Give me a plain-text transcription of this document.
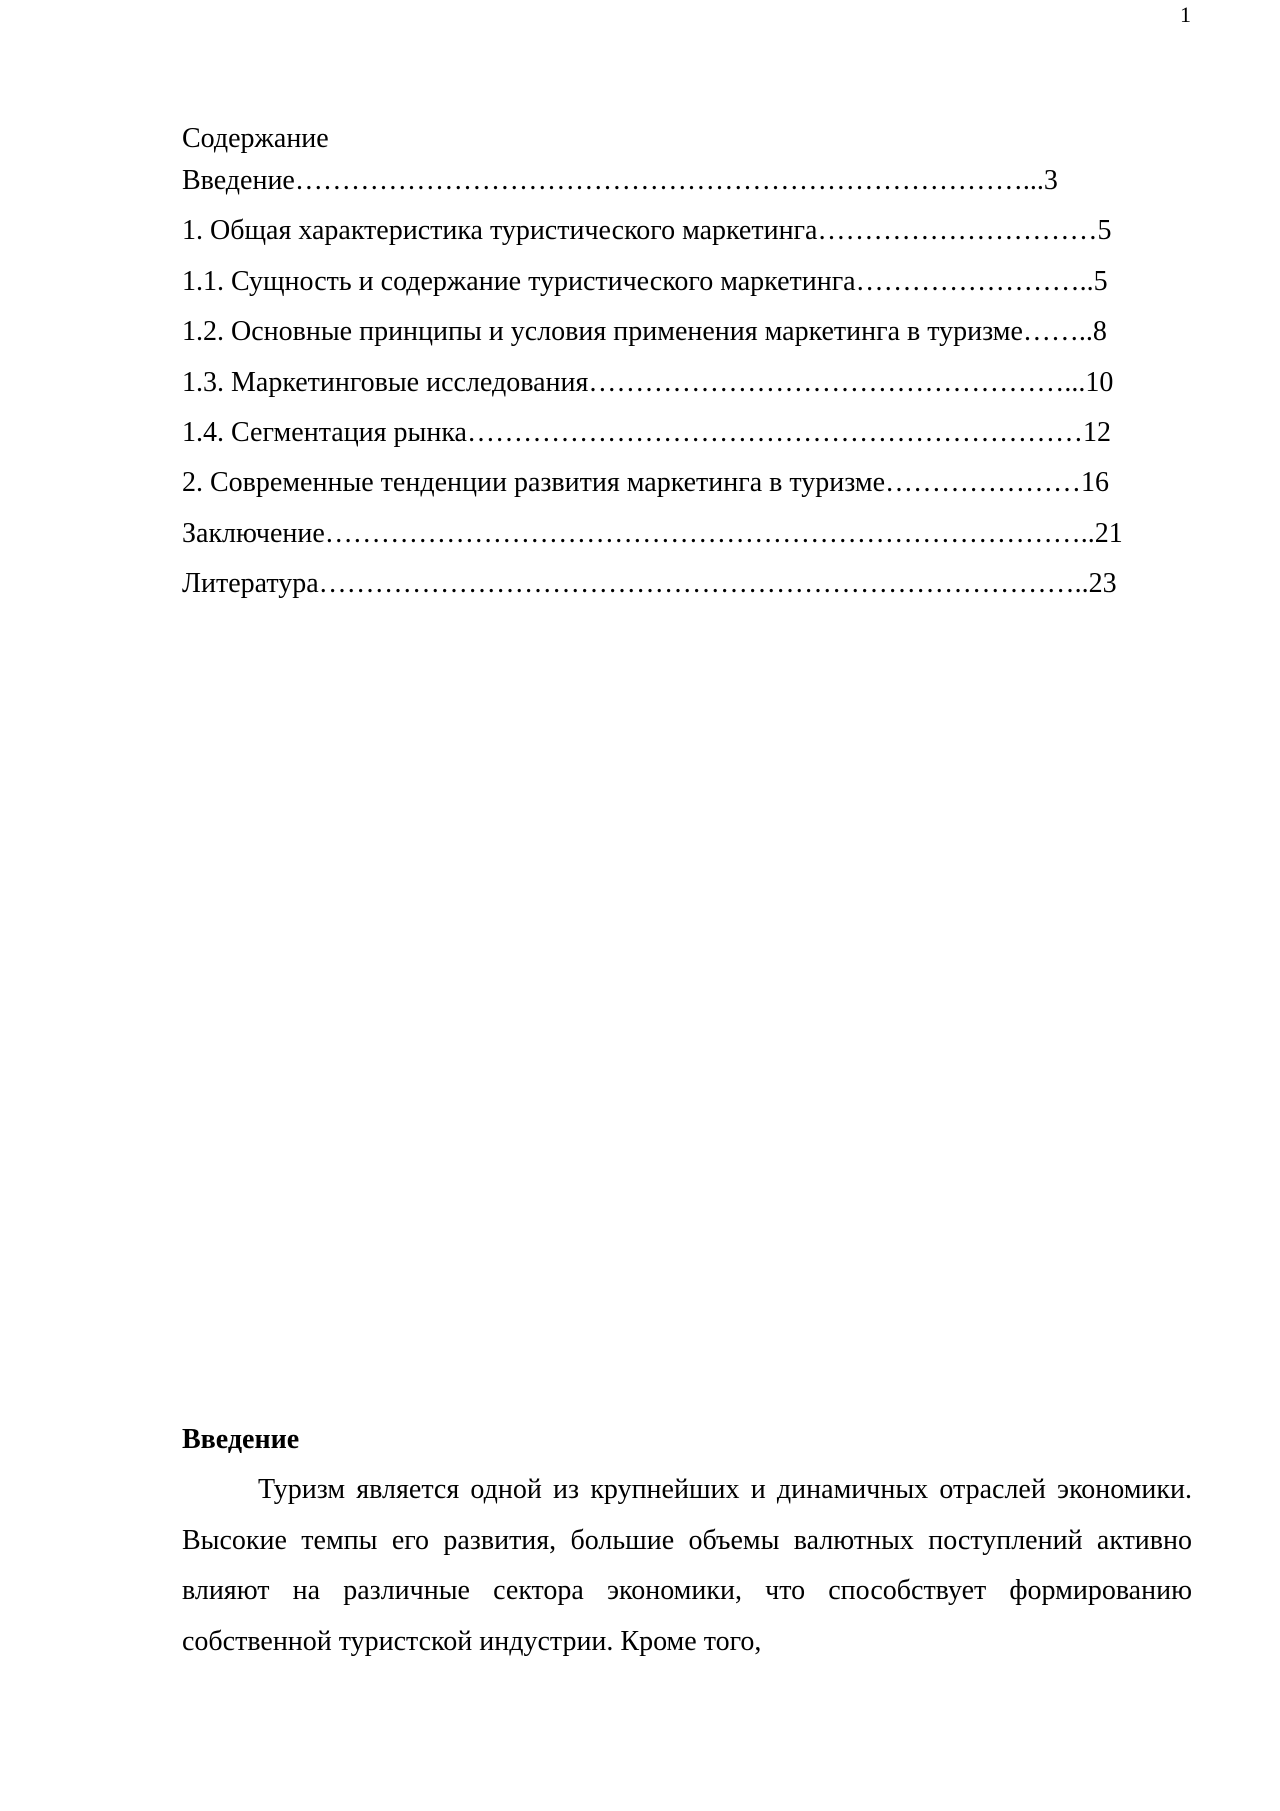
1
Содержание
Введение……………………………………………………………………...3
1. Общая характеристика туристического маркетинга…………………………5
1.1. Сущность и содержание туристического маркетинга……………………..5
1.2. Основные принципы и условия применения маркетинга в туризме……..8
1.3. Маркетинговые исследования……………………………………………...10
1.4. Сегментация рынка…………………………………………………………12
2. Современные тенденции развития маркетинга в туризме…………………16
Заключение………………………………………………………………………..21
Литература………………………………………………………………………..23

Введение

Туризм является одной из крупнейших и динамичных отраслей экономики. Высокие темпы его развития, большие объемы валютных поступлений активно влияют на различные сектора экономики, что способствует формированию собственной туристской индустрии. Кроме того,
